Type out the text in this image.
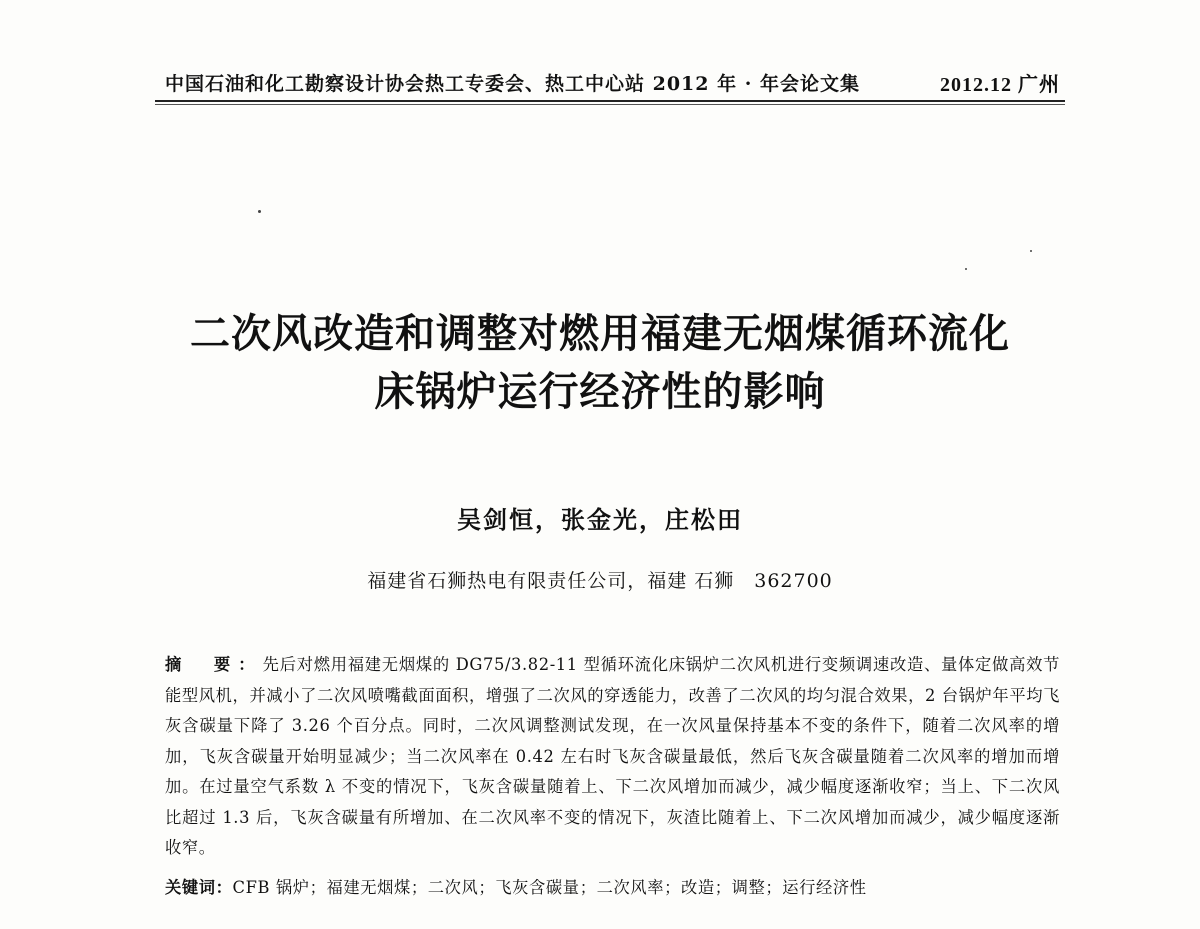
中国石油和化工勘察设计协会热工专委会、热工中心站 2012 年 · 年会论文集	2012.12 广州
二次风改造和调整对燃用福建无烟煤循环流化
床锅炉运行经济性的影响
吴剑恒，张金光，庄松田
福建省石狮热电有限责任公司，福建 石狮　362700
摘　要：先后对燃用福建无烟煤的 DG75/3.82-11 型循环流化床锅炉二次风机进行变频调速改造、量体定做高效节能型风机，并减小了二次风喷嘴截面面积，增强了二次风的穿透能力，改善了二次风的均匀混合效果，2 台锅炉年平均飞灰含碳量下降了 3.26 个百分点。同时，二次风调整测试发现，在一次风量保持基本不变的条件下，随着二次风率的增加，飞灰含碳量开始明显减少；当二次风率在 0.42 左右时飞灰含碳量最低，然后飞灰含碳量随着二次风率的增加而增加。在过量空气系数 λ 不变的情况下，飞灰含碳量随着上、下二次风增加而减少，减少幅度逐渐收窄；当上、下二次风比超过 1.3 后，飞灰含碳量有所增加、在二次风率不变的情况下，灰渣比随着上、下二次风增加而减少，减少幅度逐渐收窄。
关键词：CFB 锅炉；福建无烟煤；二次风；飞灰含碳量；二次风率；改造；调整；运行经济性
